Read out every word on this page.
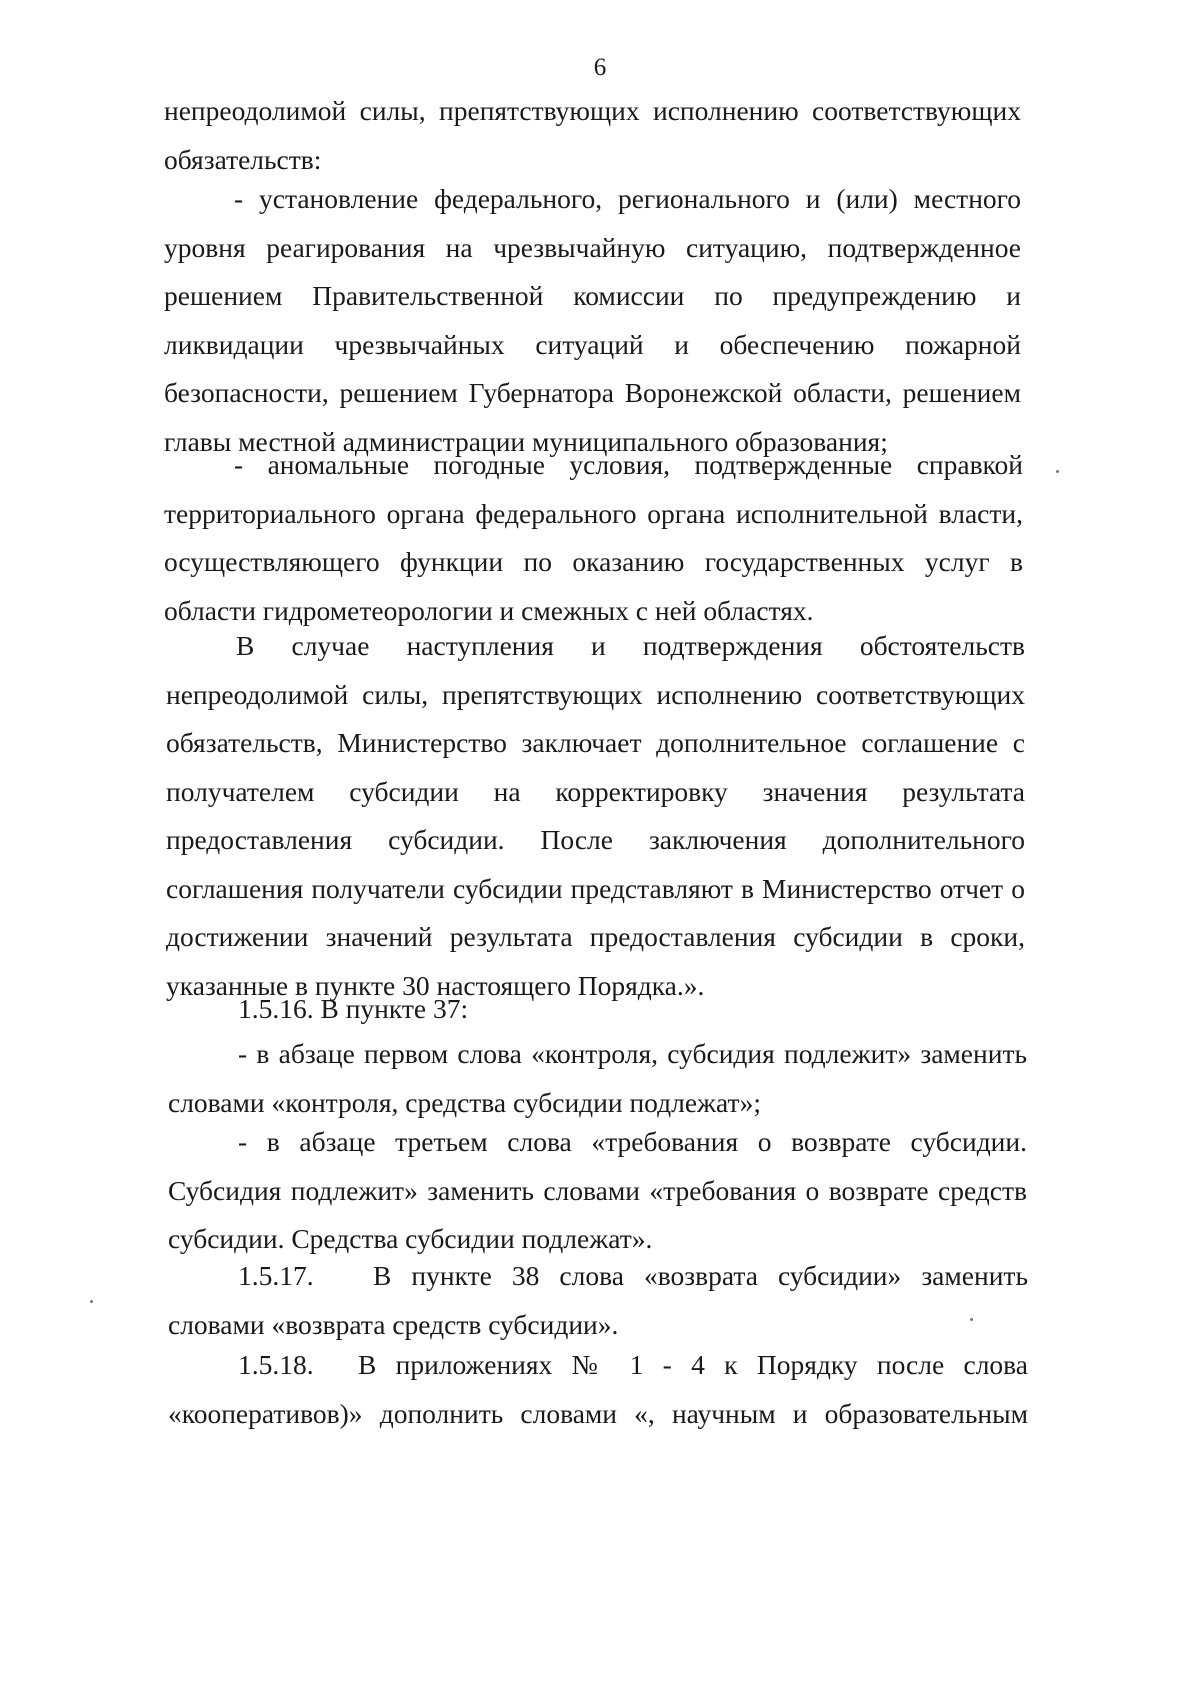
6

непреодолимой силы, препятствующих исполнению соответствующих обязательств:

- установление федерального, регионального и (или) местного уровня реагирования на чрезвычайную ситуацию, подтвержденное решением Правительственной комиссии по предупреждению и ликвидации чрезвычайных ситуаций и обеспечению пожарной безопасности, решением Губернатора Воронежской области, решением главы местной администрации муниципального образования;

- аномальные погодные условия, подтвержденные справкой территориального органа федерального органа исполнительной власти, осуществляющего функции по оказанию государственных услуг в области гидрометеорологии и смежных с ней областях.

В случае наступления и подтверждения обстоятельств непреодолимой силы, препятствующих исполнению соответствующих обязательств, Министерство заключает дополнительное соглашение с получателем субсидии на корректировку значения результата предоставления субсидии. После заключения дополнительного соглашения получатели субсидии представляют в Министерство отчет о достижении значений результата предоставления субсидии в сроки, указанные в пункте 30 настоящего Порядка.».

1.5.16. В пункте 37:

- в абзаце первом слова «контроля, субсидия подлежит» заменить словами «контроля, средства субсидии подлежат»;

- в абзаце третьем слова «требования о возврате субсидии. Субсидия подлежит» заменить словами «требования о возврате средств субсидии. Средства субсидии подлежат».

В пункте 38 слова «возврата субсидии» заменить словами «возврата средств субсидии».

1.5.17.

В приложениях № 1 - 4 к Порядку после слова «кооперативов)» дополнить словами «, научным и образовательным

1.5.18.
